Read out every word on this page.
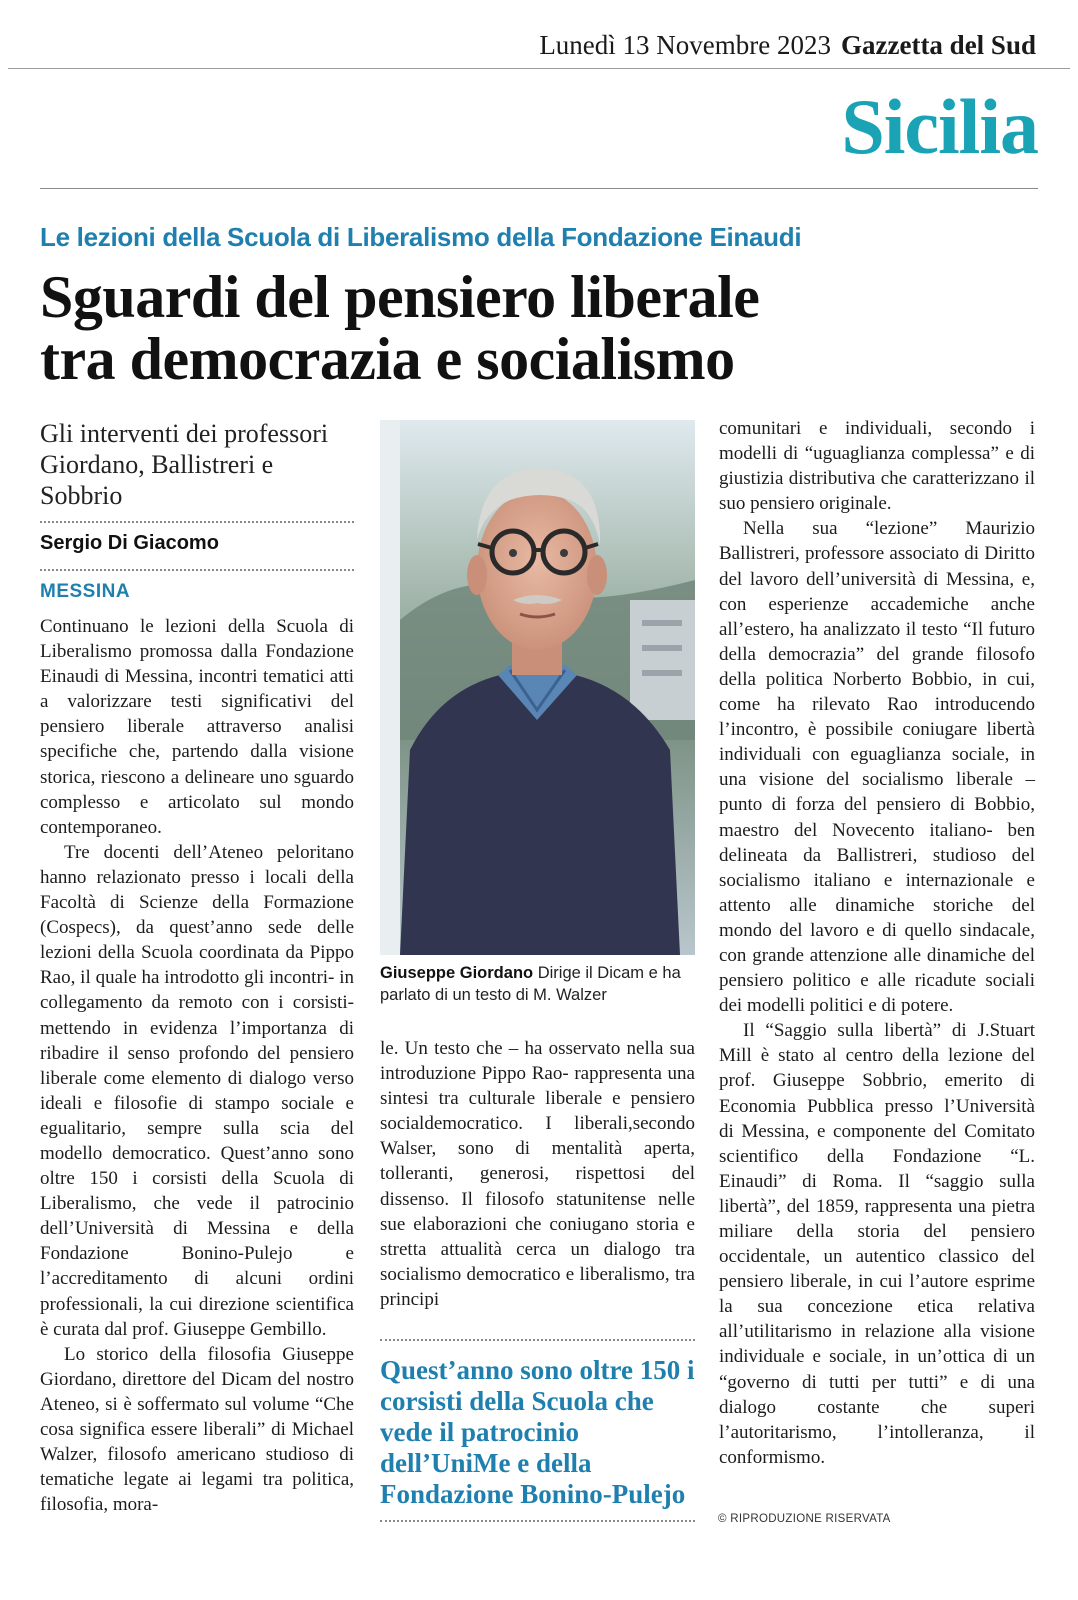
Lunedì 13 Novembre 2023 Gazzetta del Sud
Sicilia
Le lezioni della Scuola di Liberalismo della Fondazione Einaudi
Sguardi del pensiero liberale
tra democrazia e socialismo
Gli interventi dei professori Giordano, Ballistreri e Sobbrio
Sergio Di Giacomo
MESSINA

Continuano le lezioni della Scuola di Liberalismo promossa dalla Fondazione Einaudi di Messina, incontri tematici atti a valorizzare testi significativi del pensiero liberale attraverso analisi specifiche che, partendo dalla visione storica, riescono a delineare uno sguardo complesso e articolato sul mondo contemporaneo.

Tre docenti dell’Ateneo peloritano hanno relazionato presso i locali della Facoltà di Scienze della Formazione (Cospecs), da quest’anno sede delle lezioni della Scuola coordinata da Pippo Rao, il quale ha introdotto gli incontri- in collegamento da remoto con i corsisti- mettendo in evidenza l’importanza di ribadire il senso profondo del pensiero liberale come elemento di dialogo verso ideali e filosofie di stampo sociale e egualitario, sempre sulla scia del modello democratico. Quest’anno sono oltre 150 i corsisti della Scuola di Liberalismo, che vede il patrocinio dell’Università di Messina e della Fondazione Bonino-Pulejo e l’accreditamento di alcuni ordini professionali, la cui direzione scientifica è curata dal prof. Giuseppe Gembillo.

Lo storico della filosofia Giuseppe Giordano, direttore del Dicam del nostro Ateneo, si è soffermato sul volume “Che cosa significa essere liberali” di Michael Walzer, filosofo americano studioso di tematiche legate ai legami tra politica, filosofia, mora-

Giuseppe Giordano Dirige il Dicam e ha parlato di un testo di M. Walzer

le. Un testo che – ha osservato nella sua introduzione Pippo Rao- rappresenta una sintesi tra culturale liberale e pensiero socialdemocratico. I liberali,secondo Walser, sono di mentalità aperta, tolleranti, generosi, rispettosi del dissenso. Il filosofo statunitense nelle sue elaborazioni che coniugano storia e stretta attualità cerca un dialogo tra socialismo democratico e liberalismo, tra principi

Quest’anno sono oltre 150 i corsisti della Scuola che vede il patrocinio dell’UniMe e della Fondazione Bonino-Pulejo

comunitari e individuali, secondo i modelli di “uguaglianza complessa” e di giustizia distributiva che caratterizzano il suo pensiero originale.

Nella sua “lezione” Maurizio Ballistreri, professore associato di Diritto del lavoro dell’università di Messina, e, con esperienze accademiche anche all’estero, ha analizzato il testo “Il futuro della democrazia” del grande filosofo della politica Norberto Bobbio, in cui, come ha rilevato Rao introducendo l’incontro, è possibile coniugare libertà individuali con eguaglianza sociale, in una visione del socialismo liberale – punto di forza del pensiero di Bobbio, maestro del Novecento italiano- ben delineata da Ballistreri, studioso del socialismo italiano e internazionale e attento alle dinamiche storiche del mondo del lavoro e di quello sindacale, con grande attenzione alle dinamiche del pensiero politico e alle ricadute sociali dei modelli politici e di potere.

Il “Saggio sulla libertà” di J.Stuart Mill è stato al centro della lezione del prof. Giuseppe Sobbrio, emerito di Economia Pubblica presso l’Università di Messina, e componente del Comitato scientifico della Fondazione “L. Einaudi” di Roma. Il “saggio sulla libertà”, del 1859, rappresenta una pietra miliare della storia del pensiero occidentale, un autentico classico del pensiero liberale, in cui l’autore esprime la sua concezione etica relativa all’utilitarismo in relazione alla visione individuale e sociale, in un’ottica di un “governo di tutti per tutti” e di una dialogo costante che superi l’autoritarismo, l’intolleranza, il conformismo.

© RIPRODUZIONE RISERVATA
